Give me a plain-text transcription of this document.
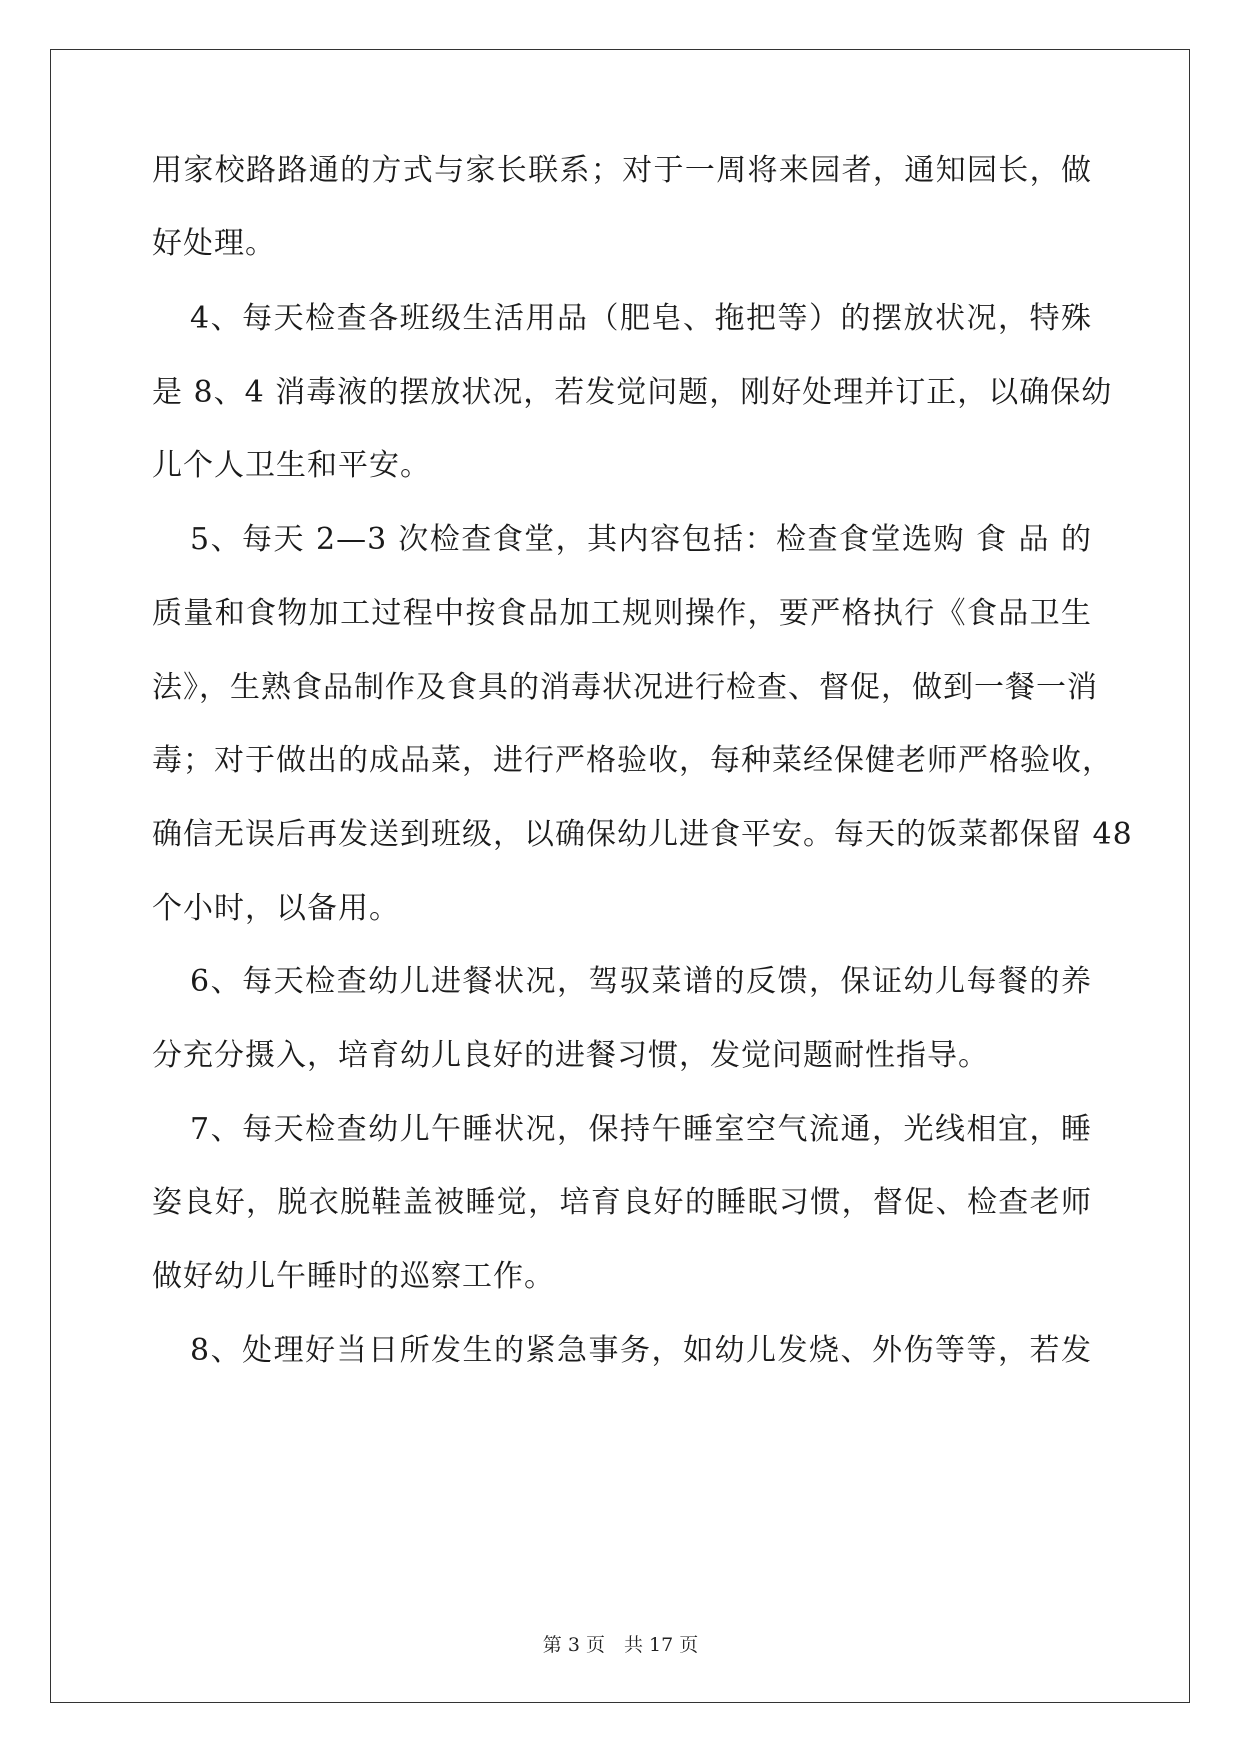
用家校路路通的方式与家长联系；对于一周将来园者，通知园长，做
好处理。
4、每天检查各班级生活用品（肥皂、拖把等）的摆放状况，特殊
是 8、4 消毒液的摆放状况，若发觉问题，刚好处理并订正，以确保幼
儿个人卫生和平安。
5、每天 2—3 次检查食堂，其内容包括：检查食堂选购 食 品 的
质量和食物加工过程中按食品加工规则操作，要严格执行《食品卫生
法》，生熟食品制作及食具的消毒状况进行检查、督促，做到一餐一消
毒；对于做出的成品菜，进行严格验收，每种菜经保健老师严格验收，
确信无误后再发送到班级，以确保幼儿进食平安。每天的饭菜都保留 48
个小时，以备用。
6、每天检查幼儿进餐状况，驾驭菜谱的反馈，保证幼儿每餐的养
分充分摄入，培育幼儿良好的进餐习惯，发觉问题耐性指导。
7、每天检查幼儿午睡状况，保持午睡室空气流通，光线相宜，睡
姿良好，脱衣脱鞋盖被睡觉，培育良好的睡眠习惯，督促、检查老师
做好幼儿午睡时的巡察工作。
8、处理好当日所发生的紧急事务，如幼儿发烧、外伤等等，若发
第 3 页　共 17 页
